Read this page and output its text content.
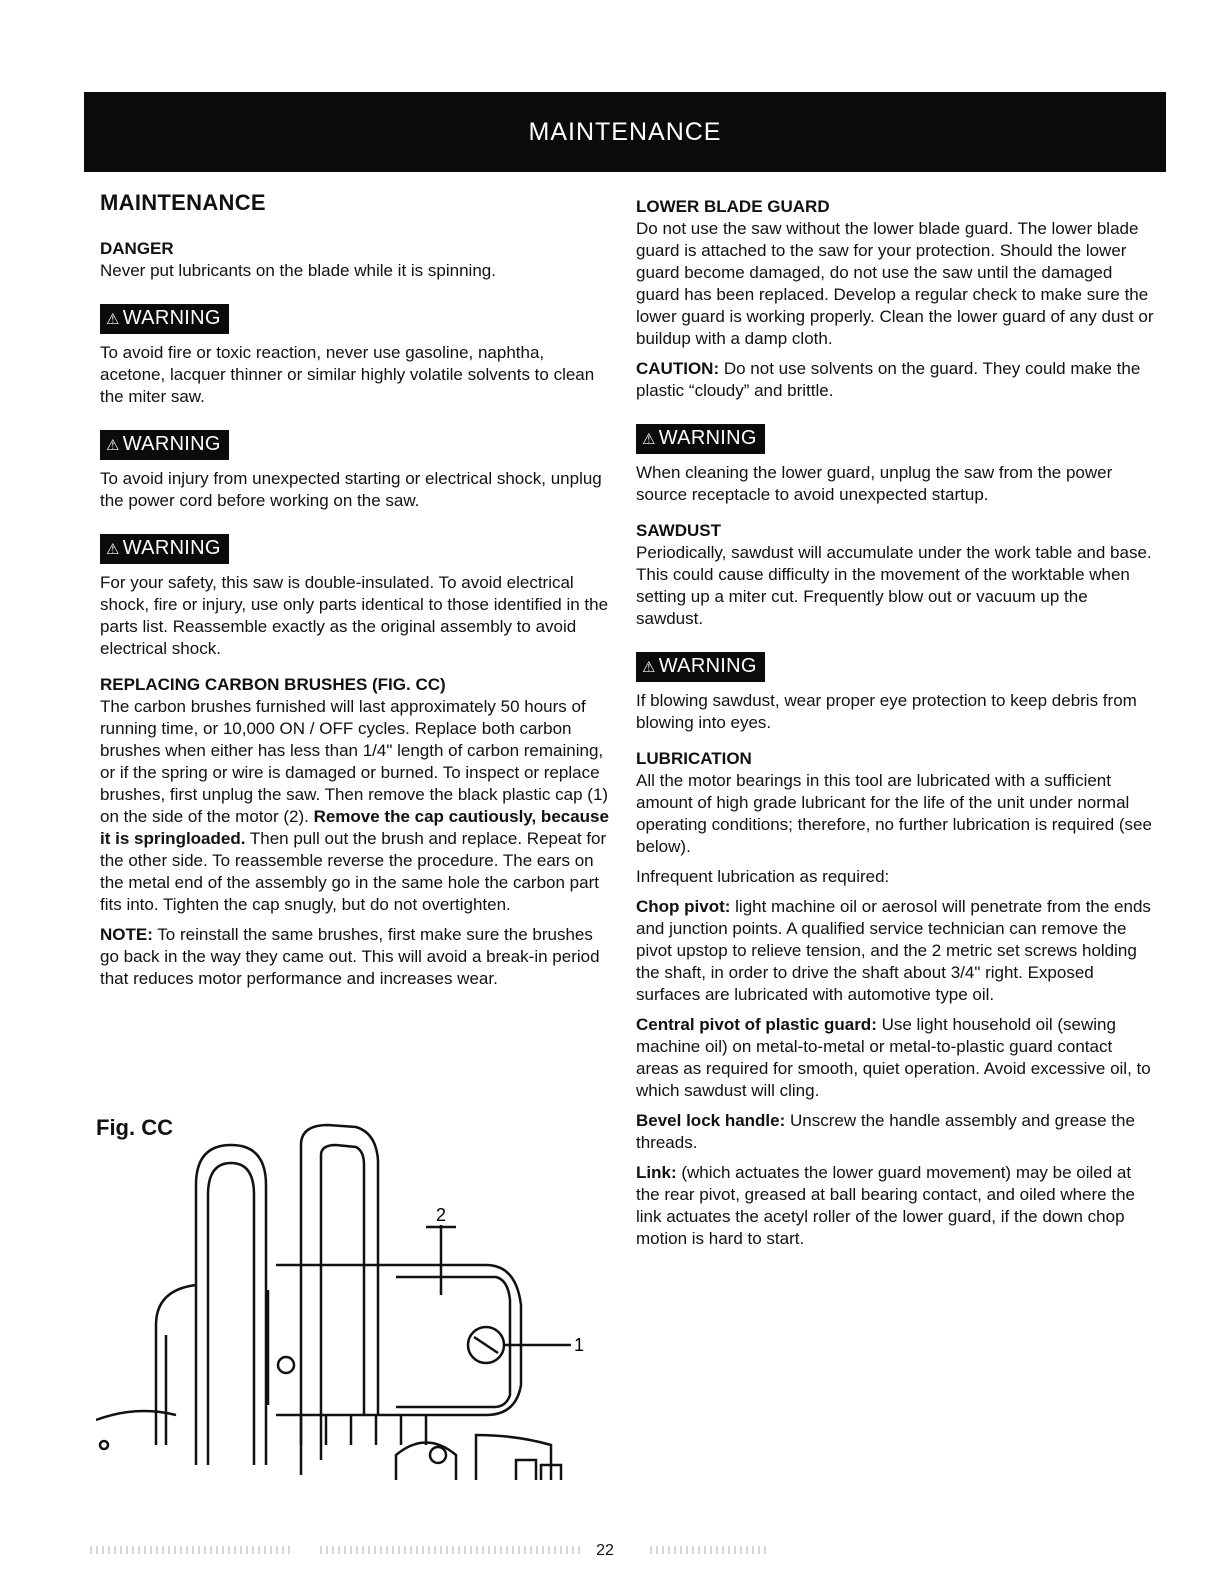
MAINTENANCE
MAINTENANCE
DANGER

Never put lubricants on the blade while it is spinning.

⚠ WARNING

To avoid fire or toxic reaction, never use gasoline, naphtha, acetone, lacquer thinner or similar highly volatile solvents to clean the miter saw.

⚠ WARNING

To avoid injury from unexpected starting or electrical shock, unplug the power cord before working on the saw.

⚠ WARNING

For your safety, this saw is double-insulated. To avoid electrical shock, fire or injury, use only parts identical to those identified in the parts list. Reassemble exactly as the original assembly to avoid electrical shock.

REPLACING CARBON BRUSHES (FIG. CC)

The carbon brushes furnished will last approximately 50 hours of running time, or 10,000 ON / OFF cycles. Replace both carbon brushes when either has less than 1/4" length of carbon remaining, or if the spring or wire is damaged or burned. To inspect or replace brushes, first unplug the saw. Then remove the black plastic cap (1) on the side of the motor (2). Remove the cap cautiously, because it is springloaded. Then pull out the brush and replace. Repeat for the other side. To reassemble reverse the procedure. The ears on the metal end of the assembly go in the same hole the carbon part fits into. Tighten the cap snugly, but do not overtighten.

NOTE: To reinstall the same brushes, first make sure the brushes go back in the way they came out. This will avoid a break-in period that reduces motor performance and increases wear.

Fig. CC
2
1
LOWER BLADE GUARD

Do not use the saw without the lower blade guard. The lower blade guard is attached to the saw for your protection. Should the lower guard become damaged, do not use the saw until the damaged guard has been replaced. Develop a regular check to make sure the lower guard is working properly. Clean the lower guard of any dust or buildup with a damp cloth.

CAUTION: Do not use solvents on the guard. They could make the plastic “cloudy” and brittle.

⚠ WARNING

When cleaning the lower guard, unplug the saw from the power source receptacle to avoid unexpected startup.

SAWDUST

Periodically, sawdust will accumulate under the work table and base. This could cause difficulty in the movement of the worktable when setting up a miter cut. Frequently blow out or vacuum up the sawdust.

⚠ WARNING

If blowing sawdust, wear proper eye protection to keep debris from blowing into eyes.

LUBRICATION

All the motor bearings in this tool are lubricated with a sufficient amount of high grade lubricant for the life of the unit under normal operating conditions; therefore, no further lubrication is required (see below).

Infrequent lubrication as required:

Chop pivot: light machine oil or aerosol will penetrate from the ends and junction points. A qualified service technician can remove the pivot upstop to relieve tension, and the 2 metric set screws holding the shaft, in order to drive the shaft about 3/4" right. Exposed surfaces are lubricated with automotive type oil.

Central pivot of plastic guard: Use light household oil (sewing machine oil) on metal-to-metal or metal-to-plastic guard contact areas as required for smooth, quiet operation. Avoid excessive oil, to which sawdust will cling.

Bevel lock handle: Unscrew the handle assembly and grease the threads.

Link: (which actuates the lower guard movement) may be oiled at the rear pivot, greased at ball bearing contact, and oiled where the link actuates the acetyl roller of the lower guard, if the down chop motion is hard to start.

22
